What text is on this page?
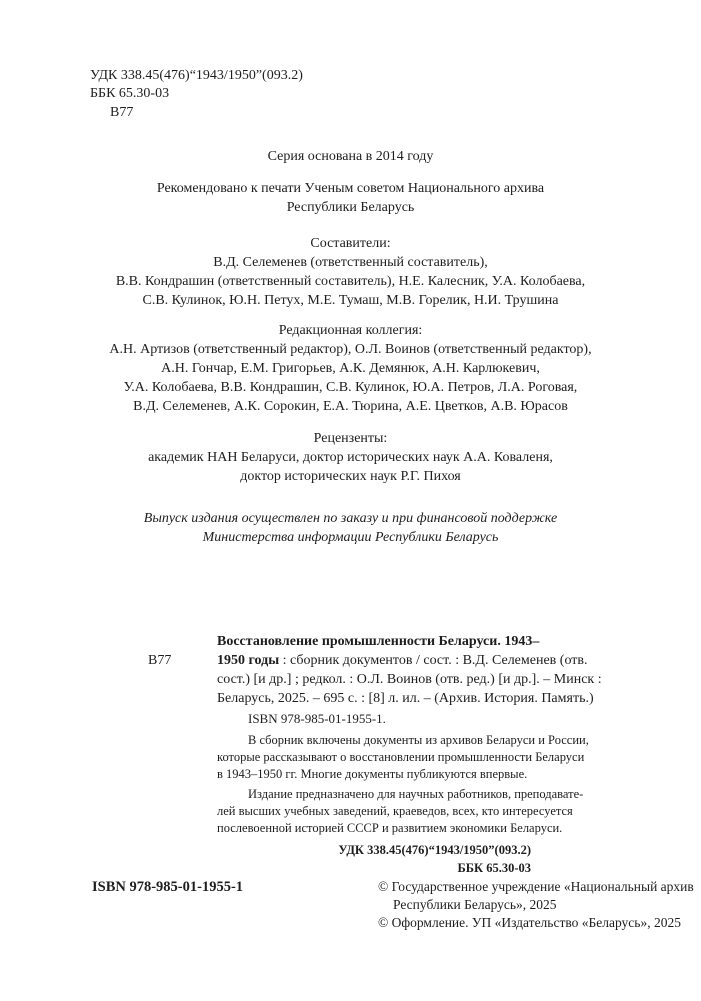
УДК 338.45(476)“1943/1950”(093.2)
ББК 65.30-03
В77
Серия основана в 2014 году
Рекомендовано к печати Ученым советом Национального архива
Республики Беларусь
Составители:
В.Д. Селеменев (ответственный составитель),
В.В. Кондрашин (ответственный составитель), Н.Е. Калесник, У.А. Колобаева,
С.В. Кулинок, Ю.Н. Петух, М.Е. Тумаш, М.В. Горелик, Н.И. Трушина
Редакционная коллегия:
А.Н. Артизов (ответственный редактор), О.Л. Воинов (ответственный редактор),
А.Н. Гончар, Е.М. Григорьев, А.К. Демянюк, А.Н. Карлюкевич,
У.А. Колобаева, В.В. Кондрашин, С.В. Кулинок, Ю.А. Петров, Л.А. Роговая,
В.Д. Селеменев, А.К. Сорокин, Е.А. Тюрина, А.Е. Цветков, А.В. Юрасов
Рецензенты:
академик НАН Беларуси, доктор исторических наук А.А. Коваленя,
доктор исторических наук Р.Г. Пихоя
Выпуск издания осуществлен по заказу и при финансовой поддержке
Министерства информации Республики Беларусь
Восстановление промышленности Беларуси. 1943–
В77	1950 годы : сборник документов / сост. : В.Д. Селеменев (отв.
сост.) [и др.] ; редкол. : О.Л. Воинов (отв. ред.) [и др.]. – Минск :
Беларусь, 2025. – 695 с. : [8] л. ил. – (Архив. История. Память.)
ISBN 978-985-01-1955-1.
В сборник включены документы из архивов Беларуси и России,
которые рассказывают о восстановлении промышленности Беларуси
в 1943–1950 гг. Многие документы публикуются впервые.
Издание предназначено для научных работников, преподавате-
лей высших учебных заведений, краеведов, всех, кто интересуется
послевоенной историей СССР и развитием экономики Беларуси.
УДК 338.45(476)“1943/1950”(093.2)
ББК 65.30-03
ISBN 978-985-01-1955-1	© Государственное учреждение «Национальный архив
Республики Беларусь», 2025
© Оформление. УП «Издательство «Беларусь», 2025
